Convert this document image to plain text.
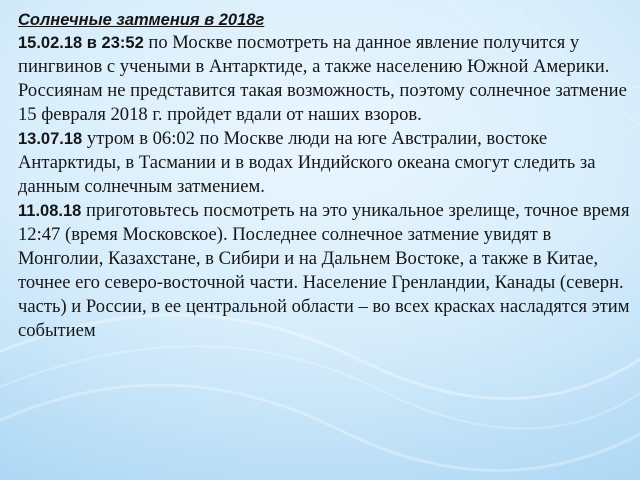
Солнечные затмения в 2018г

15.02.18 в 23:52 по Москве посмотреть на данное явление получится у пингвинов с учеными в Антарктиде, а также населению Южной Америки. Россиянам не представится такая возможность, поэтому солнечное затмение 15 февраля 2018 г. пройдет вдали от наших взоров.

13.07.18 утром в 06:02 по Москве люди на юге Австралии, востоке Антарктиды, в Тасмании и в водах Индийского океана смогут следить за данным солнечным затмением.

11.08.18 приготовьтесь посмотреть на это уникальное зрелище, точное время 12:47 (время Московское). Последнее солнечное затмение увидят в Монголии, Казахстане, в Сибири и на Дальнем Востоке, а также в Китае, точнее его северо-восточной части. Население Гренландии, Канады (северн. часть) и России, в ее центральной области – во всех красках насладятся этим событием
